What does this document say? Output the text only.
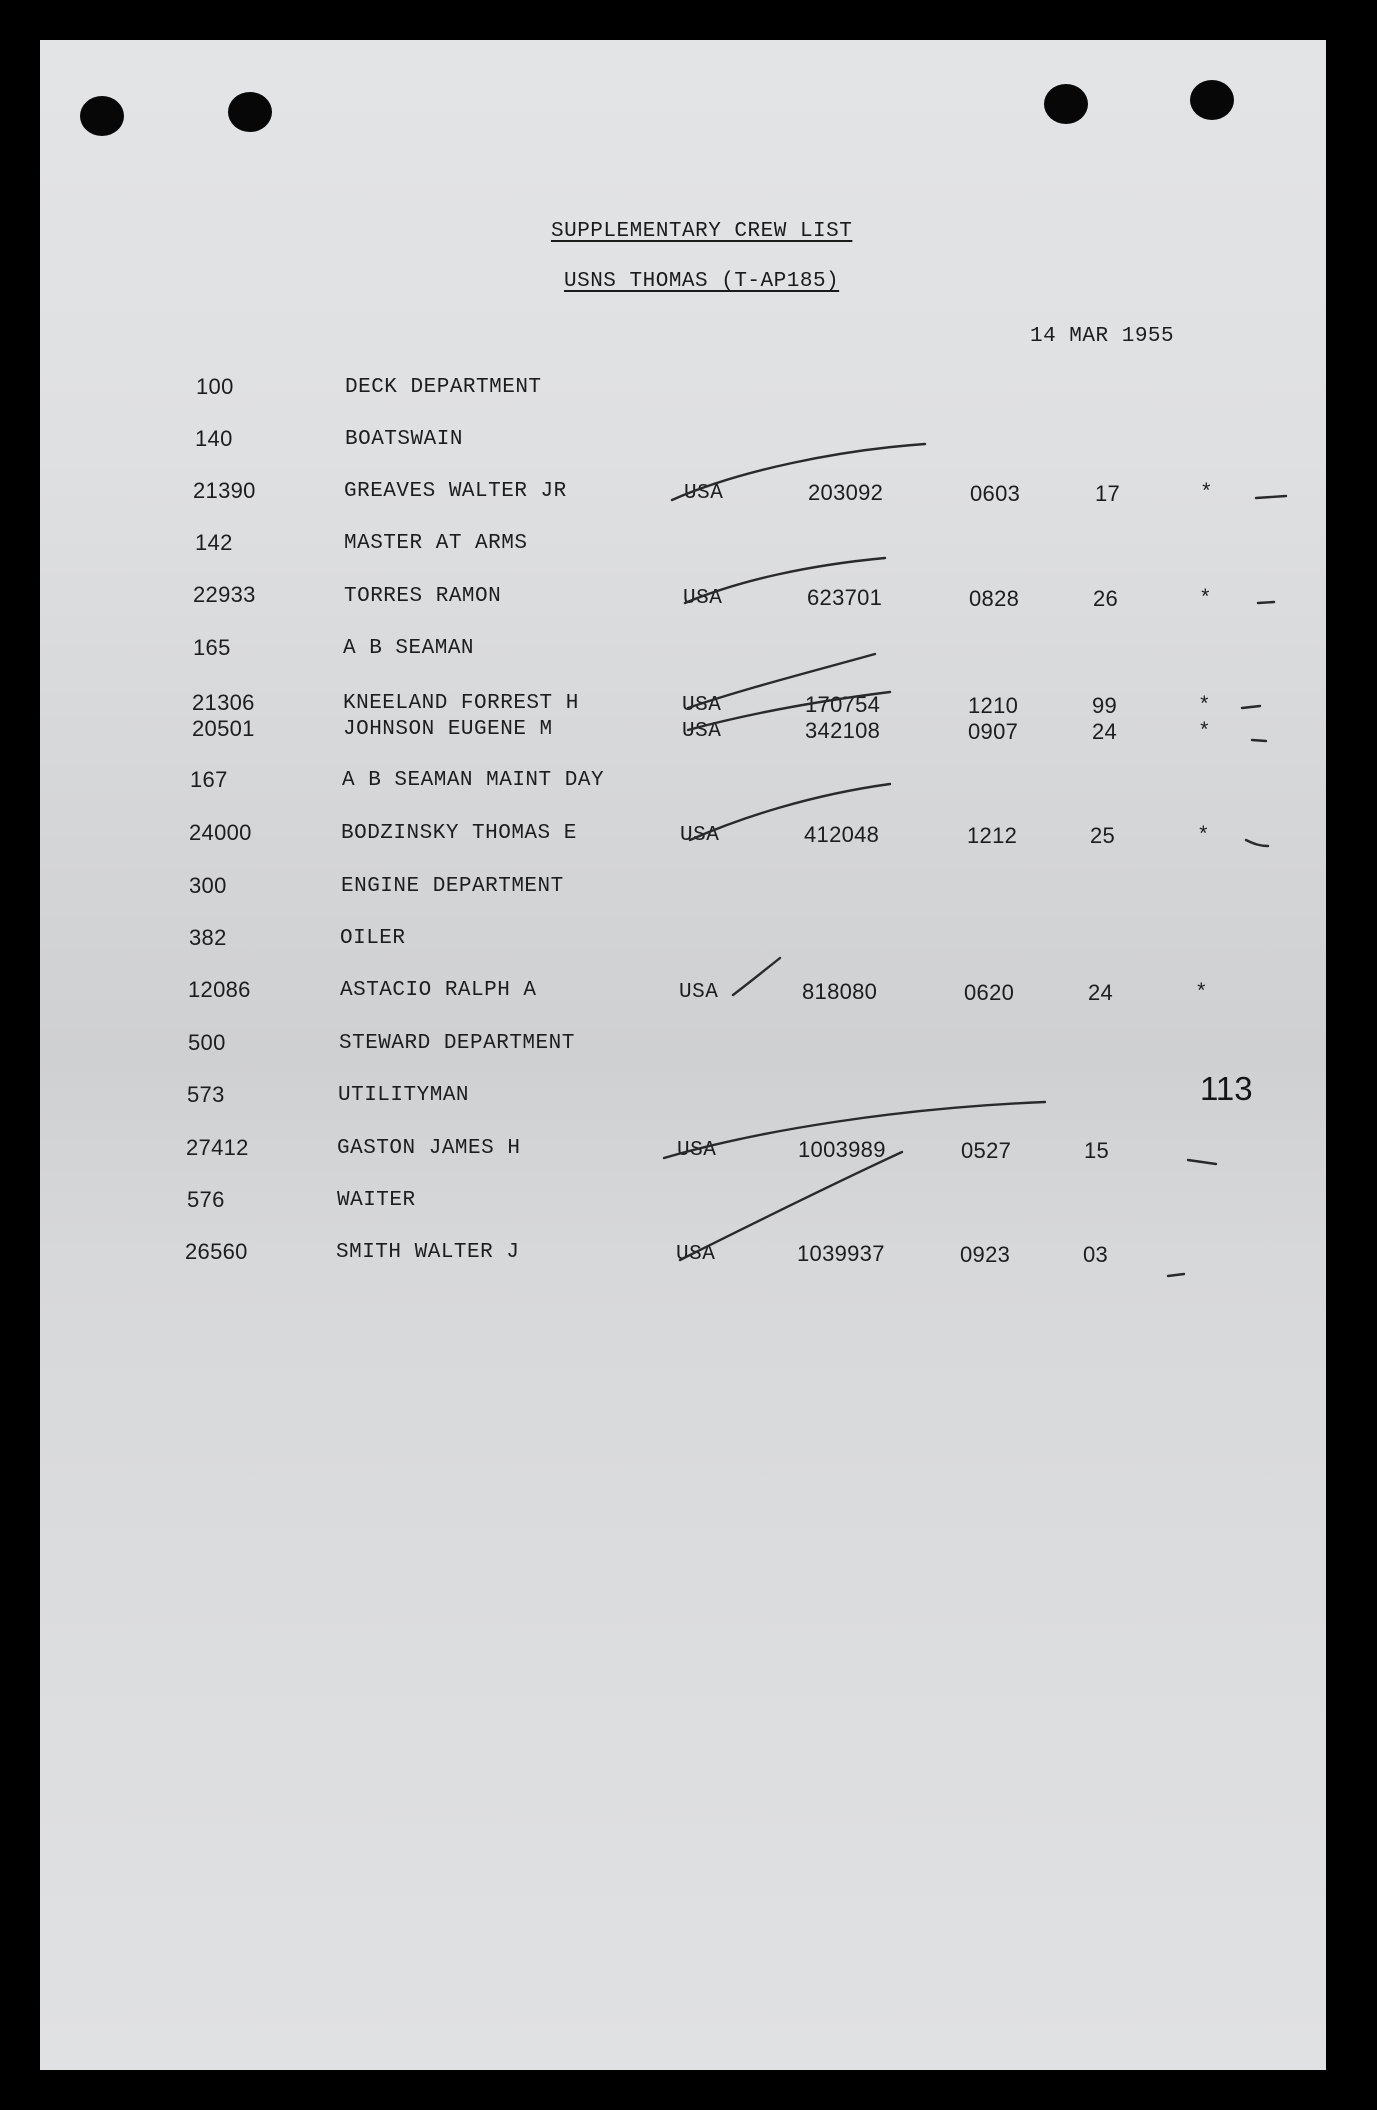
SUPPLEMENTARY CREW LIST
USNS THOMAS (T-AP185)
14 MAR 1955
100	DECK DEPARTMENT
140	BOATSWAIN
21390	GREAVES WALTER JR	USA	203092	0603	17	*
142	MASTER AT ARMS
22933	TORRES RAMON	USA	623701	0828	26	*
165	A B SEAMAN
21306	KNEELAND FORREST H	USA	170754	1210	99	*
20501	JOHNSON EUGENE M	USA	342108	0907	24	*
167	A B SEAMAN MAINT DAY
24000	BODZINSKY THOMAS E	USA	412048	1212	25	*
300	ENGINE DEPARTMENT
382	OILER
12086	ASTACIO RALPH A	USA	818080	0620	24	*
500	STEWARD DEPARTMENT
573	UTILITYMAN
27412	GASTON JAMES H	USA	1003989	0527	15
576	WAITER
26560	SMITH WALTER J	USA	1039937	0923	03
113
